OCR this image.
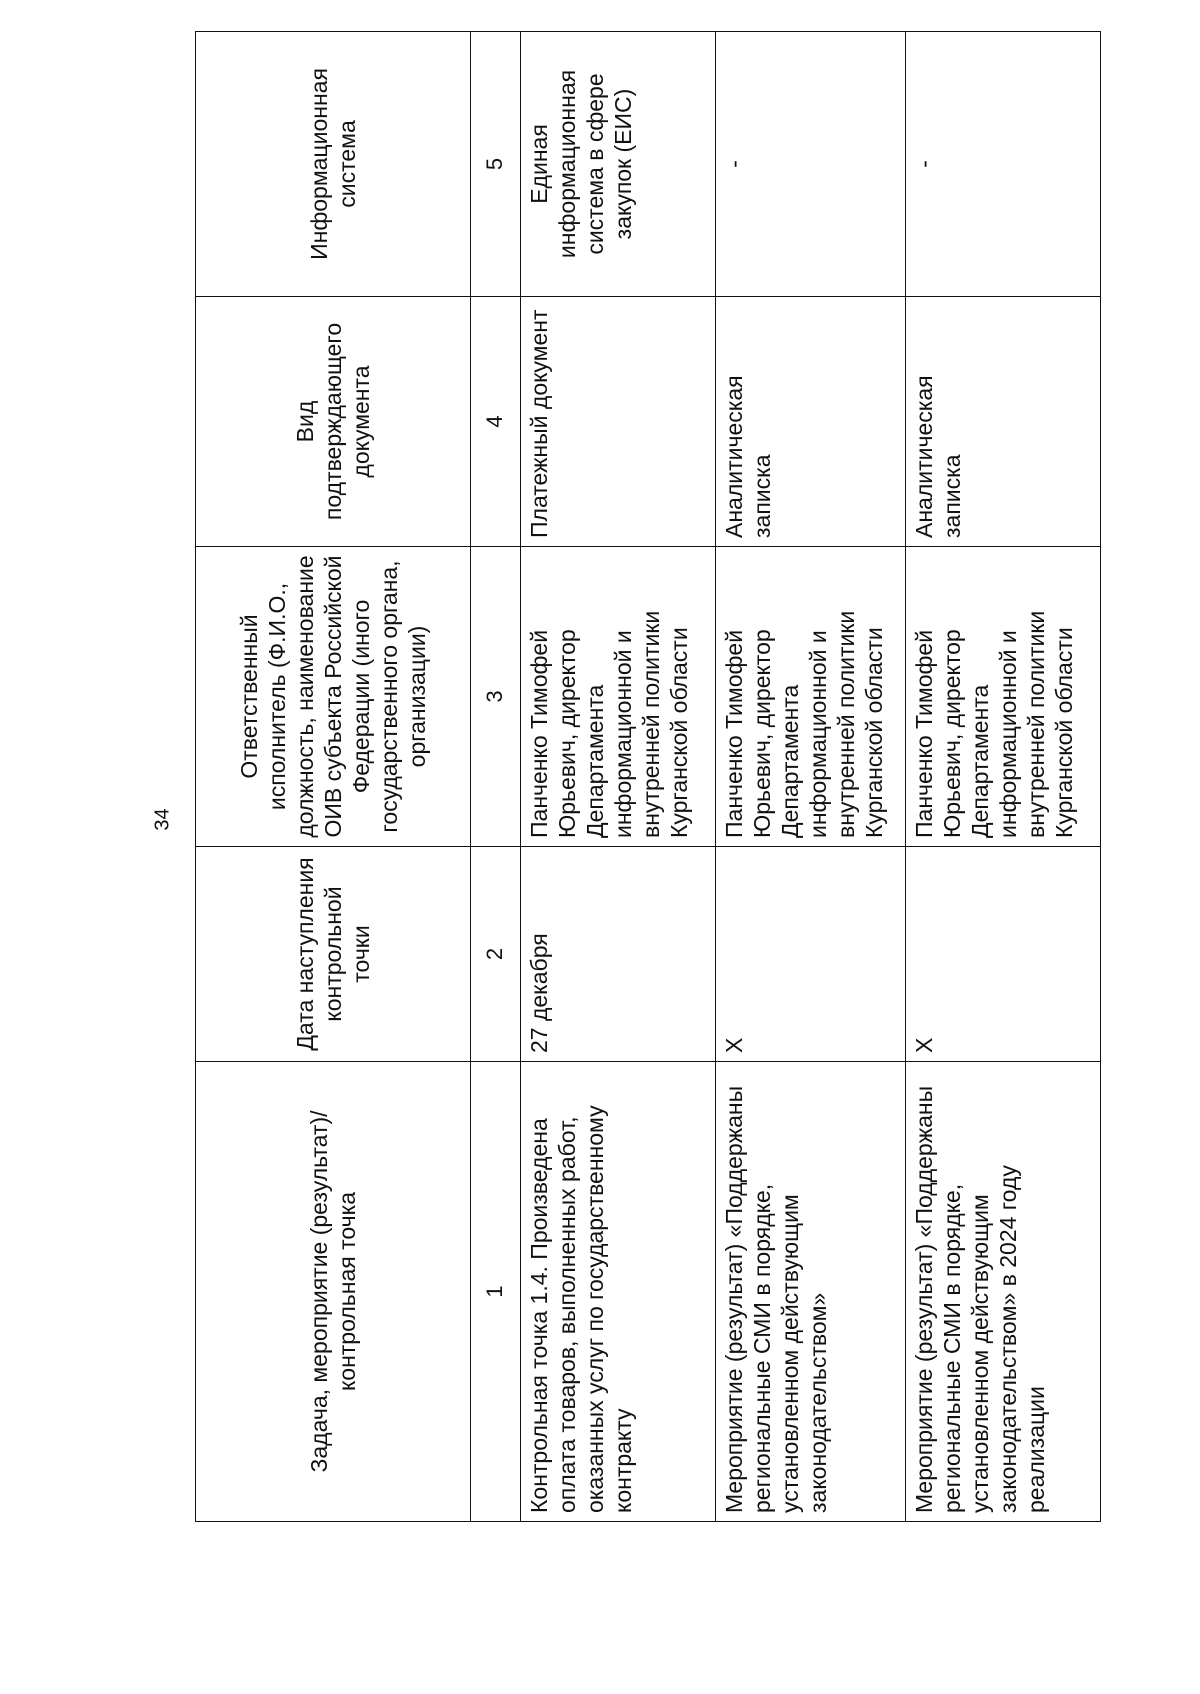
34
Задача, мероприятие (результат)/ контрольная точка	Дата наступления контрольной точки	Ответственный исполнитель (Ф.И.О., должность, наименование ОИВ субъекта Российской Федерации (иного государственного органа, организации)	Вид подтверждающего документа	Информационная система
1	2	3	4	5
Контрольная точка 1.4. Произведена оплата товаров, выполненных работ, оказанных услуг по государственному контракту	27 декабря	Панченко Тимофей Юрьевич, директор Департамента информационной и внутренней политики Курганской области	Платежный документ	Единая информационная система в сфере закупок (ЕИС)
Мероприятие (результат) «Поддержаны региональные СМИ в порядке, установленном действующим законодательством»	Х	Панченко Тимофей Юрьевич, директор Департамента информационной и внутренней политики Курганской области	Аналитическая записка	-
Мероприятие (результат) «Поддержаны региональные СМИ в порядке, установленном действующим законодательством» в 2024 году реализации	Х	Панченко Тимофей Юрьевич, директор Департамента информационной и внутренней политики Курганской области	Аналитическая записка	-
